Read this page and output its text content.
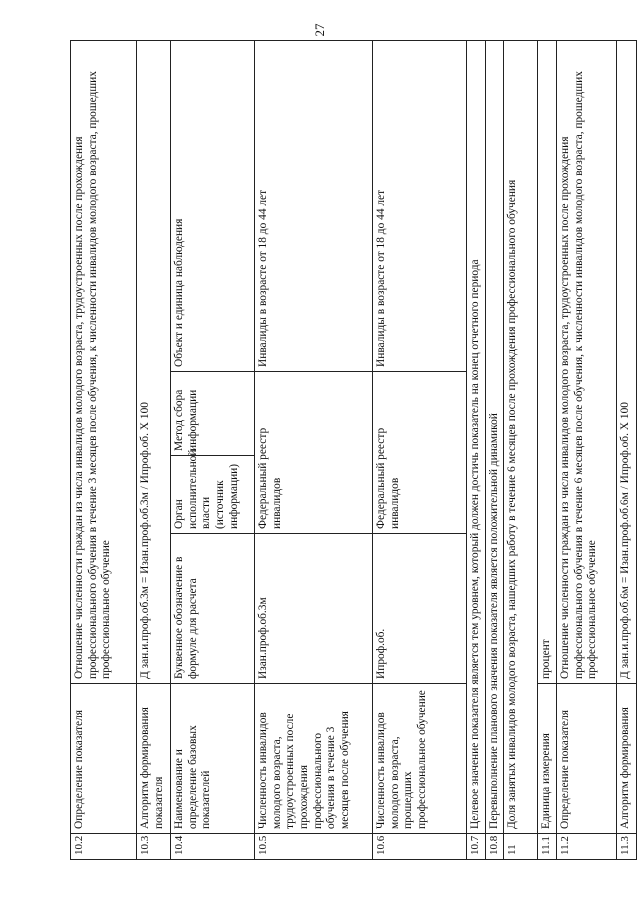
27
10.2	Определение показателя	Отношение численности граждан из числа инвалидов молодого возраста, трудоустроенных после прохождения профессионального обучения в течение 3 месяцев после обучения, к численности инвалидов молодого возраста, прошедших профессиональное обучение			
10.3	Алгоритм формирования показателя	Д зан.и.проф.об.3м = Изан.проф.об.3м / Ипроф.об. Х 100			
10.4	Наименование и определение базовых показателей	Буквенное обозначение в формуле для расчета	Орган исполнительной власти (источник информации)	Метод сбора информации	Объект и единица наблюдения
10.5	Численность инвалидов молодого возраста, трудоустроенных после прохождения профессионального обучения в течение 3 месяцев после обучения	Изан.проф.об.3м	Федеральный реестр инвалидов		Инвалиды в возрасте от 18 до 44 лет
10.6	Численность инвалидов молодого возраста, прошедших профессиональное обучение	Ипроф.об.	Федеральный реестр инвалидов		Инвалиды в возрасте от 18 до 44 лет
10.7	Целевое значение показателя является тем уровнем, который должен достичь показатель на конец отчетного периода				
10.8	Перевыполнение планового значения показателя является положительной динамикой				
11	Доля занятых инвалидов молодого возраста, нашедших работу в течение 6 месяцев после прохождения профессионального обучения				
11.1	Единица измерения	процент			
11.2	Определение показателя	Отношение численности граждан из числа инвалидов молодого возраста, трудоустроенных после прохождения профессионального обучения в течение 6 месяцев после обучения, к численности инвалидов молодого возраста, прошедших профессиональное обучение			
11.3	Алгоритм формирования	Д зан.и.проф.об.6м = Изан.проф.об.6м / Ипроф.об. Х 100			
